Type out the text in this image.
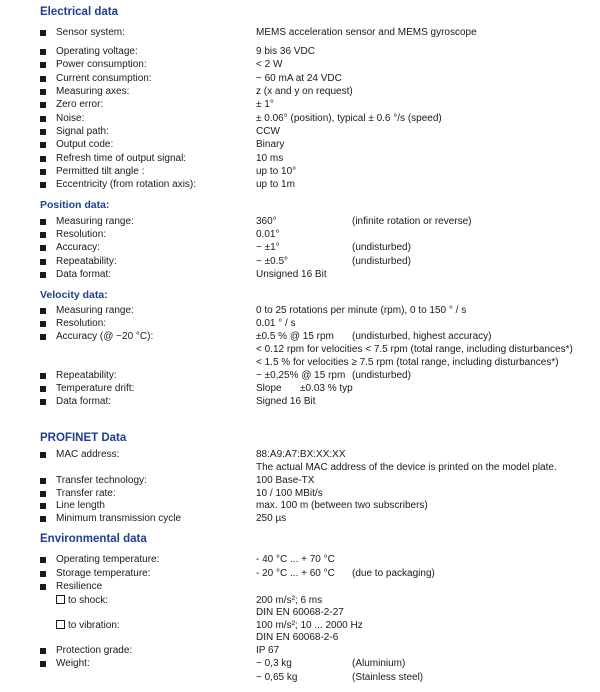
Electrical data
Sensor system:	MEMS acceleration sensor and MEMS gyroscope
Operating voltage:	9 bis 36 VDC
Power consumption:	< 2 W
Current consumption:	~ 60 mA at 24 VDC
Measuring axes:	z (x and y on request)
Zero error:	± 1°
Noise:	± 0.06° (position), typical ± 0.6 °/s (speed)
Signal path:	CCW
Output code:	Binary
Refresh time of output signal:	10 ms
Permitted tilt angle :	up to 10°
Eccentricity (from rotation axis):	up to 1m
Position data:
Measuring range:	360°	(infinite rotation or reverse)
Resolution:	0.01°
Accuracy:	~ ±1°	(undisturbed)
Repeatability:	~ ±0.5°	(undisturbed)
Data format:	Unsigned 16 Bit
Velocity data:
Measuring range:	0 to 25 rotations per minute (rpm), 0 to 150 ° / s
Resolution:	0.01 ° / s
Accuracy (@ ~20 °C):	±0.5 % @ 15 rpm (undisturbed, highest accuracy)
< 0.12 rpm for velocities < 7.5 rpm (total range, including disturbances*)
< 1.5 % for velocities ≥ 7.5 rpm (total range, including disturbances*)
Repeatability:	~ ±0,25% @ 15 rpm (undisturbed)
Temperature drift:	Slope ±0.03 % typ
Data format:	Signed 16 Bit
PROFINET Data
MAC address:	88:A9:A7:BX:XX:XX
The actual MAC address of the device is printed on the model plate.
Transfer technology:	100 Base-TX
Transfer rate:	10 / 100 MBit/s
Line length	max. 100 m (between two subscribers)
Minimum transmission cycle	250 µs
Environmental data
Operating temperature:	- 40 °C ... + 70 °C
Storage temperature:	- 20 °C ... + 60 °C (due to packaging)
Resilience
to shock:	200 m/s²; 6 ms
DIN EN 60068-2-27
to vibration:	100 m/s²; 10 ... 2000 Hz
DIN EN 60068-2-6
Protection grade:	IP 67
Weight:	~ 0,3 kg	(Aluminium)
~ 0,65 kg	(Stainless steel)
